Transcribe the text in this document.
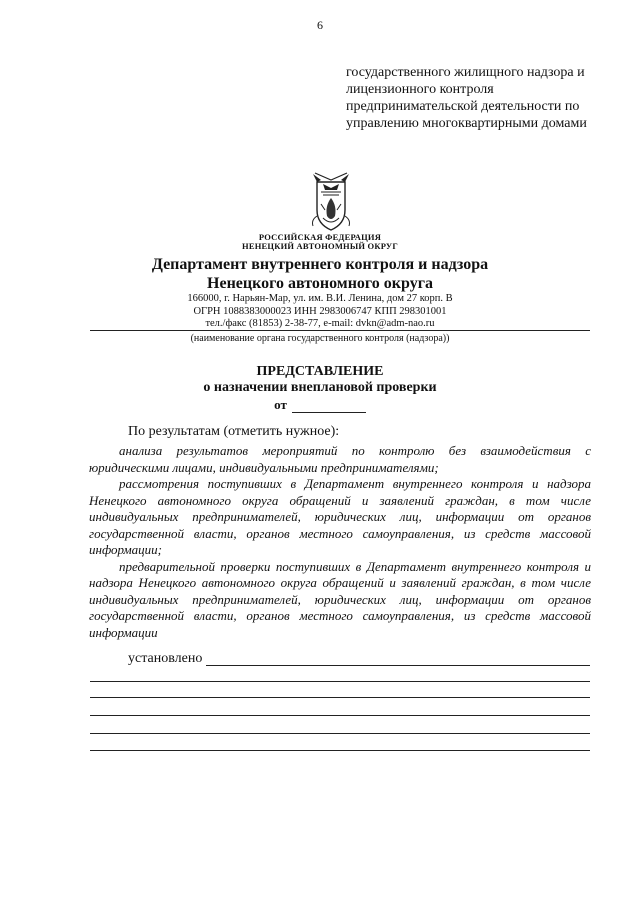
6
государственного жилищного надзора и лицензионного контроля предпринимательской деятельности по управлению многоквартирными домами
РОССИЙСКАЯ ФЕДЕРАЦИЯ
НЕНЕЦКИЙ АВТОНОМНЫЙ ОКРУГ
Департамент внутреннего контроля и надзора
Ненецкого автономного округа
166000, г. Нарьян-Мар, ул. им. В.И. Ленина, дом 27 корп. В
ОГРН 1088383000023 ИНН 2983006747 КПП 298301001
тел./факс (81853) 2-38-77, e-mail: dvkn@adm-nao.ru
(наименование органа государственного контроля (надзора))
ПРЕДСТАВЛЕНИЕ
о назначении внеплановой проверки
от
По результатам (отметить нужное):

анализа результатов мероприятий по контролю без взаимодействия с юридическими лицами, индивидуальными предпринимателями;

рассмотрения поступивших в Департамент внутреннего контроля и надзора Ненецкого автономного округа обращений и заявлений граждан, в том числе индивидуальных предпринимателей, юридических лиц, информации от органов государственной власти, органов местного самоуправления, из средств массовой информации;

предварительной проверки поступивших в Департамент внутреннего контроля и надзора Ненецкого автономного округа обращений и заявлений граждан, в том числе индивидуальных предпринимателей, юридических лиц, информации от органов государственной власти, органов местного самоуправления, из средств массовой информации

установлено
